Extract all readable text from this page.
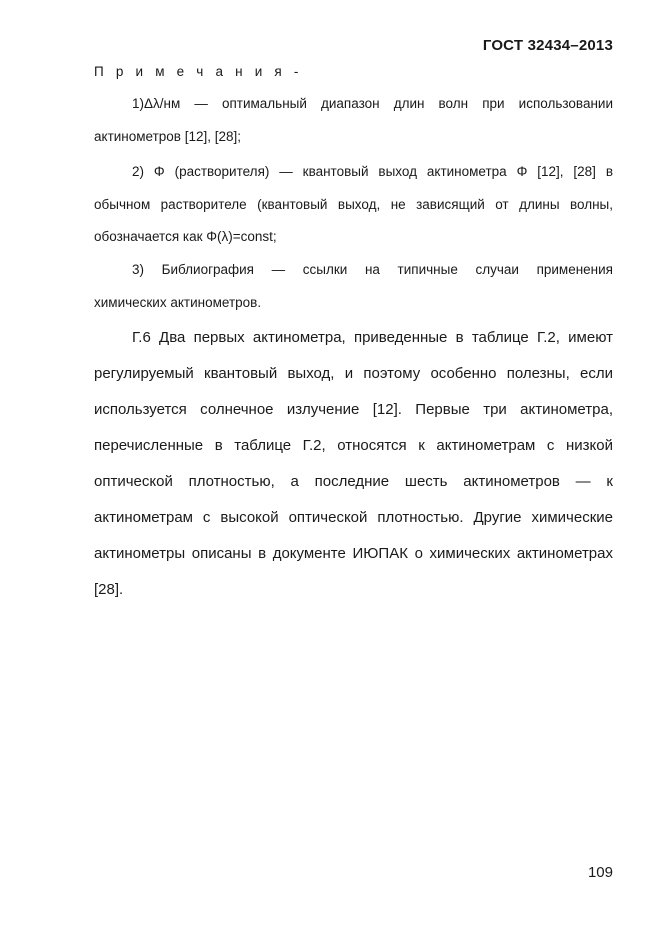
ГОСТ 32434–2013
П р и м е ч а н и я -
1)Δλ/нм — оптимальный диапазон длин волн при использовании
актинометров [12], [28];
2) Φ (растворителя) — квантовый выход актинометра Φ [12], [28] в
обычном растворителе (квантовый выход, не зависящий от длины волны,
обозначается как Φ(λ)=const;
3) Библиография — ссылки на типичные случаи применения
химических актинометров.
Г.6 Два первых актинометра, приведенные в таблице Г.2, имеют
регулируемый квантовый выход, и поэтому особенно полезны, если
используется солнечное излучение [12]. Первые три актинометра,
перечисленные в таблице Г.2, относятся к актинометрам с низкой
оптической плотностью, а последние шесть актинометров — к
актинометрам с высокой оптической плотностью. Другие химические
актинометры описаны в документе ИЮПАК о химических актинометрах
[28].
109
